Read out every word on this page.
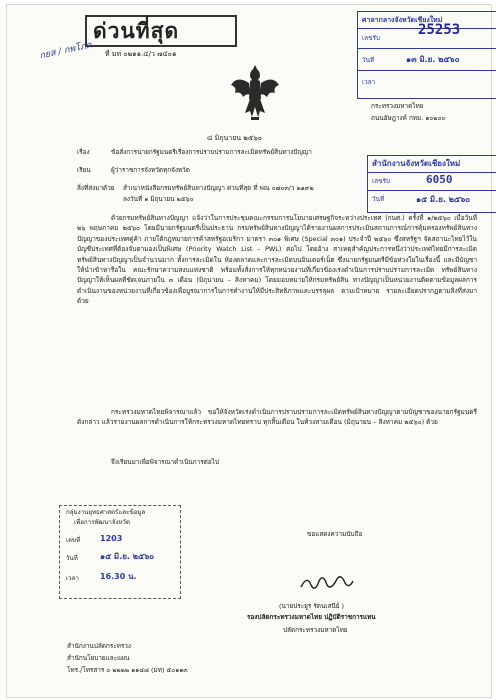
ด่วนที่สุด
กยส / กพโภค ที่ มท ๐๒๑๑.๔/ว ๗๔๐๑
ศาลากลางจังหวัดเชียงใหม่
เลขรับ	25253
วันที่	๑๓ มิ.ย. ๒๕๖๐
เวลา
กระทรวงมหาดไทย
ถนนอัษฎางค์ กทม. ๑๐๒๐๐
๘ มิถุนายน ๒๕๖๐
สำนักงานจังหวัดเชียงใหม่
เลขรับ	6050
วันที่	๑๕ มิ.ย. ๒๕๖๐
เรื่อง	ข้อสั่งการนายกรัฐมนตรีเรื่องการปราบปรามการละเมิดทรัพย์สินทางปัญญา
เรียน	ผู้ว่าราชการจังหวัดทุกจังหวัด
สิ่งที่ส่งมาด้วย สำเนาหนังสือกรมทรัพย์สินทางปัญญา ด่วนที่สุด ที่ พณ ๐๗๐๓/ว ๒๑๙๒
ลงวันที่ ๑ มิถุนายน ๒๕๖๐
ด้วยกรมทรัพย์สินทางปัญญา แจ้งว่าในการประชุมคณะกรรมการนโยบายเศรษฐกิจระหว่างประเทศ (กนศ.) ครั้งที่ ๑/๒๕๖๐ เมื่อวันที่ ๒๖ พฤษภาคม ๒๕๖๐ โดยมีนายกรัฐมนตรีเป็นประธาน กรมทรัพย์สินทางปัญญาได้รายงานผลการประเมินสถานการณ์การคุ้มครองทรัพย์สินทางปัญญาของประเทศคู่ค้า ภายใต้กฎหมายการค้าสหรัฐอเมริกา มาตรา ๓๐๑ พิเศษ (Special ๓๐๑) ประจำปี ๒๕๖๐ ซึ่งสหรัฐฯ จัดสถานะไทยไว้ในบัญชีประเทศที่ต้องจับตามองเป็นพิเศษ (Priority Watch List – PWL) ต่อไป โดยอ้าง สาเหตุสำคัญประการหนึ่งว่าประเทศไทยมีการละเมิดทรัพย์สินทางปัญญาเป็นจำนวนมาก ทั้งการละเมิดใน ห้องตลาดและการละเมิดบนอินเตอร์เน็ต ซึ่งนายกรัฐมนตรีมีข้อห่วงใยในเรื่องนี้ และมีบัญชาให้นำเข้าหารือใน คณะรักษาความสงบแห่งชาติ พร้อมทั้งสั่งการให้ทุกหน่วยงานที่เกี่ยวข้องเร่งดำเนินการปราบปรามการละเมิด ทรัพย์สินทางปัญญาให้เห็นผลที่ชัดเจนภายใน ๓ เดือน (มิถุนายน – สิงหาคม) โดยมอบหมายให้กรมทรัพย์สิน ทางปัญญาเป็นหน่วยงานติดตามข้อมูลผลการดำเนินงานของหน่วยงานที่เกี่ยวข้องเพื่อบูรณาการในการทำงานให้มีประสิทธิภาพและบรรลุผล ตามเป้าหมาย รายละเอียดปรากฏตามสิ่งที่ส่งมาด้วย
กระทรวงมหาดไทยพิจารณาแล้ว ขอให้จังหวัดเร่งดำเนินการปราบปรามการละเมิดทรัพย์สินทางปัญญาตามบัญชาของนายกรัฐมนตรีดังกล่าว แล้วรายงานผลการดำเนินการให้กระทรวงมหาดไทยทราบ ทุกสิ้นเดือน ในห้วงสามเดือน (มิถุนายน – สิงหาคม ๒๕๖๐) ด้วย
จึงเรียนมาเพื่อพิจารณาดำเนินการต่อไป
กลุ่มงานยุทธศาสตร์และข้อมูล
เพื่อการพัฒนาจังหวัด
เลขที่ 1203
วันที่	๑๕ มิ.ย. ๒๕๖๐
เวลา	16.30 น.
ขอแสดงความนับถือ
(นายประยูร รัตนเสนีย์ )
รองปลัดกระทรวงมหาดไทย ปฏิบัติราชการแทน
ปลัดกระทรวงมหาดไทย
สำนักงานปลัดกระทรวง
สำนักนโยบายและแผน
โทร./โทรสาร ๐ ๒๒๒๒ ๑๑๔๘ (มท) ๕๐๑๑๓
